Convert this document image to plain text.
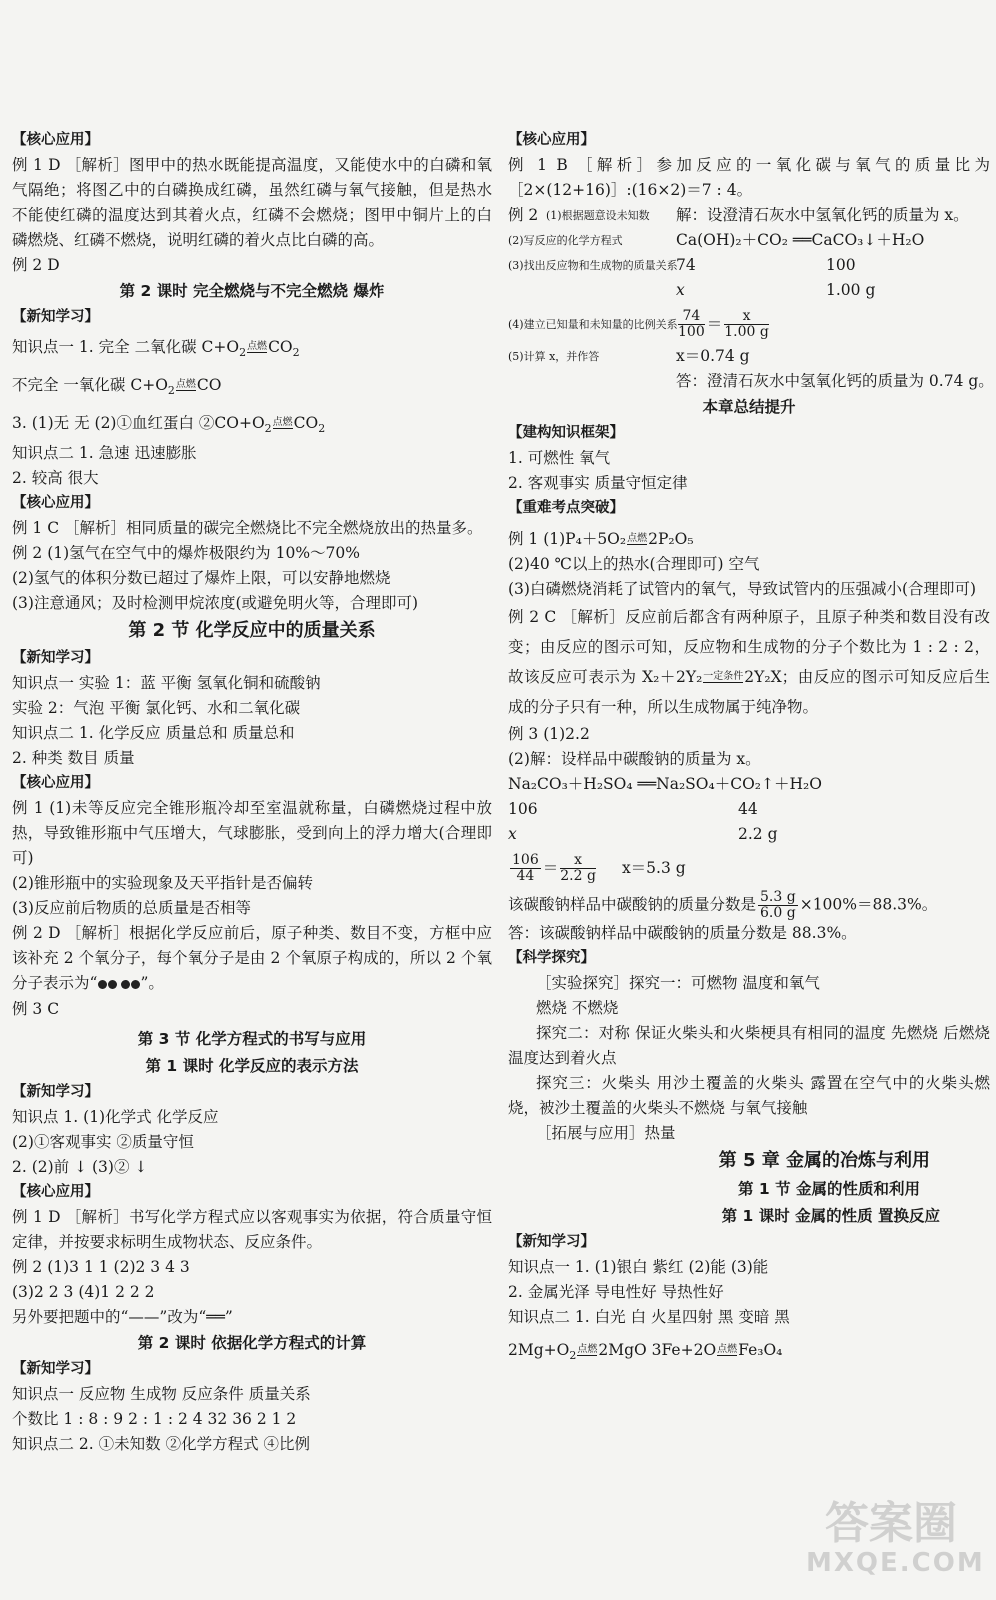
【核心应用】
例 1 D ［解析］图甲中的热水既能提高温度，又能使水中的白磷和氧气隔绝；将图乙中的白磷换成红磷，虽然红磷与氧气接触，但是热水不能使红磷的温度达到其着火点，红磷不会燃烧；图甲中铜片上的白磷燃烧、红磷不燃烧，说明红磷的着火点比白磷的高。
例 2 D
第 2 课时 完全燃烧与不完全燃烧 爆炸
【新知学习】
知识点一 1. 完全 二氧化碳 $C+O_2$
点燃 $CO_2$
不完全 一氧化碳 $C+O_2$
点燃 CO
3. (1)无 无 (2)①血红蛋白 $②CO+O_2$
点燃 $CO_2$
知识点二 1. 急速 迅速膨胀
2. 较高 很大
【核心应用】
例 1 C ［解析］相同质量的碳完全燃烧比不完全燃烧放出的热量多。
例 2 (1)氢气在空气中的爆炸极限约为 10%～70%
(2)氢气的体积分数已超过了爆炸上限，可以安静地燃烧
(3)注意通风；及时检测甲烷浓度(或避免明火等，合理即可)
第 2 节 化学反应中的质量关系
【新知学习】
知识点一 实验 1：蓝 平衡 氢氧化铜和硫酸钠
实验 2：气泡 平衡 氯化钙、水和二氧化碳
知识点二 1. 化学反应 质量总和 质量总和
2. 种类 数目 质量
【核心应用】
例 1 (1)未等反应完全锥形瓶冷却至室温就称量，白磷燃烧过程中放热，导致锥形瓶中气压增大，气球膨胀，受到向上的浮力增大(合理即可)
(2)锥形瓶中的实验现象及天平指针是否偏转
(3)反应前后物质的总质量是否相等
例 2 D ［解析］根据化学反应前后，原子种类、数目不变，方框中应该补充 2 个氧分子，每个氧分子是由 2 个氧原子构成的，所以 2 个氧分子表示为“	”。
例 3 C
第 3 节 化学方程式的书写与应用
第 1 课时 化学反应的表示方法
【新知学习】
知识点 1. (1)化学式 化学反应
(2)①客观事实 ②质量守恒
2. (2)前 ↓ (3)② ↓
【核心应用】
例 1 D ［解析］书写化学方程式应以客观事实为依据，符合质量守恒定律，并按要求标明生成物状态、反应条件。
例 2 (1)3 1 1 (2)2 3 4 3
(3)2 2 3 (4)1 2 2 2
另外要把题中的“——”改为“══”
第 2 课时 依据化学方程式的计算
【新知学习】
知识点一 反应物 生成物 反应条件 质量关系
个数比 1 : 8 : 9 2 : 1 : 2 4 32 36 2 1 2
知识点二 2. ①未知数 ②化学方程式 ④比例
【核心应用】
例 1 B ［解析］参加反应的一氧化碳与氧气的质量比为［2×(12+16)］:(16×2)＝7 : 4。
例 2 (1)根据题意设未知数	解：设澄清石灰水中氢氧化钙的质量为 x。
(2)写反应的化学方程式	Ca(OH)₂＋CO₂ ══CaCO₃↓＋H₂O
(3)找出反应物和生成物的质量关系
74	100
x	1.00 g
(4)建立已知量和未知量的比例关系 $\frac{74}{100} = \frac{x}{1.00 g}$
(5)计算 x，并作答	x＝0.74 g
答：澄清石灰水中氢氧化钙的质量为 0.74 g。
本章总结提升
【建构知识框架】
1. 可燃性 氧气
2. 客观事实 质量守恒定律
【重难考点突破】
例 1 (1)P₄＋5O₂ 点燃 2P₂O₅
(2)40 ℃以上的热水(合理即可) 空气
(3)白磷燃烧消耗了试管内的氧气，导致试管内的压强减小(合理即可)
例 2 C ［解析］反应前后都含有两种原子，且原子种类和数目没有改变；由反应的图示可知，反应物和生成物的分子个数比为 1 : 2 : 2，故该反应可表示为 X₂＋2Y₂ 一定条件 2Y₂X；由反应的图示可知反应后生成的分子只有一种，所以生成物属于纯净物。
例 3 (1)2.2
(2)解：设样品中碳酸钠的质量为 x。
Na₂CO₃＋H₂SO₄ ══Na₂SO₄＋CO₂↑＋H₂O
106	44
x	2.2 g
$\frac{106}{44} = \frac{x}{2.2 g} x=5.3$ g
该碳酸钠样品中碳酸钠的质量分数是 $\frac{5.3 g}{6.0 g} \times 100\%=88.3\%$。
答：该碳酸钠样品中碳酸钠的质量分数是 88.3%。
【科学探究】
［实验探究］探究一：可燃物 温度和氧气
燃烧 不燃烧
探究二：对称 保证火柴头和火柴梗具有相同的温度 先燃烧 后燃烧 温度达到着火点
探究三：火柴头 用沙土覆盖的火柴头 露置在空气中的火柴头燃烧，被沙土覆盖的火柴头不燃烧 与氧气接触
［拓展与应用］热量
第 5 章 金属的冶炼与利用
第 1 节 金属的性质和利用
第 1 课时 金属的性质 置换反应
【新知学习】
知识点一 1. (1)银白 紫红 (2)能 (3)能
2. 金属光泽 导电性好 导热性好
知识点二 1. 白光 白 火星四射 黑 变暗 黑
$2Mg+O_2$
点燃 2MgO 3Fe+2O 点燃 Fe₃O₄
答案圈
MXQE.COM
